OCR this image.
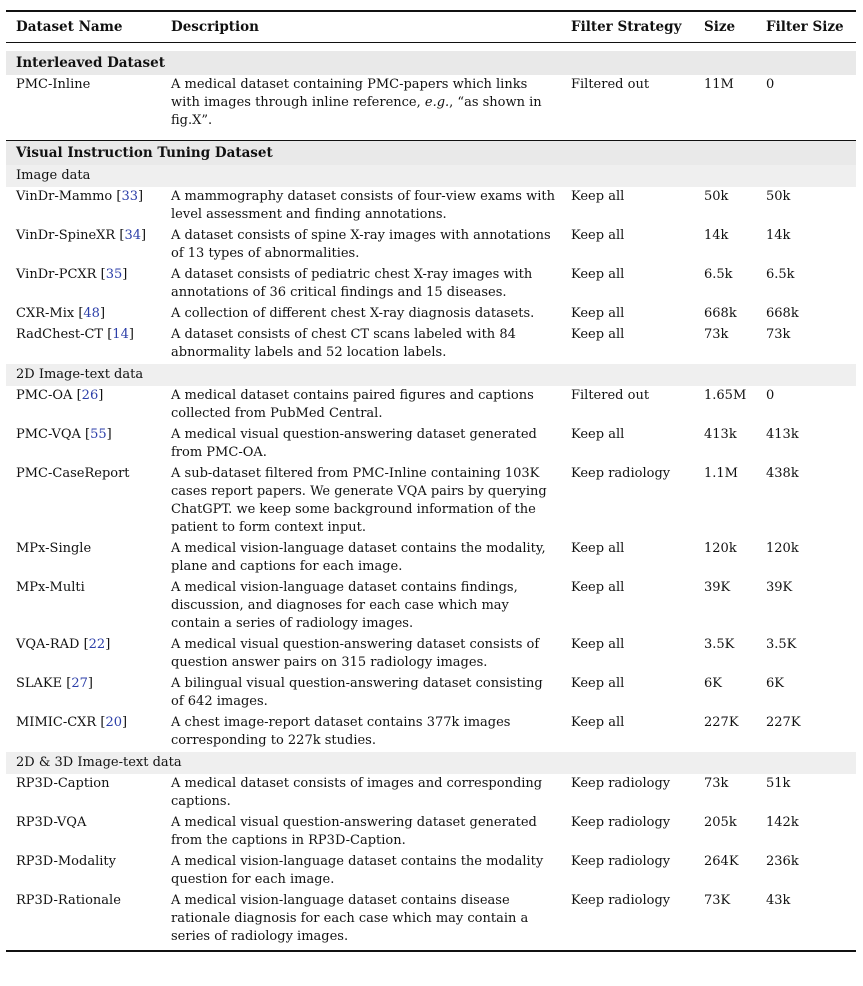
Dataset Name	Description	Filter Strategy	Size	Filter Size

Interleaved Dataset				
PMC-Inline	A medical dataset containing PMC-papers which links with images through inline reference, e.g., “as shown in fig.X”.	Filtered out	11M	0

Visual Instruction Tuning Dataset				
Image data				
VinDr-Mammo [33]	A mammography dataset consists of four-view exams with level assessment and finding annotations.	Keep all	50k	50k
VinDr-SpineXR [34]	A dataset consists of spine X-ray images with annotations of 13 types of abnormalities.	Keep all	14k	14k
VinDr-PCXR [35]	A dataset consists of pediatric chest X-ray images with annotations of 36 critical findings and 15 diseases.	Keep all	6.5k	6.5k
CXR-Mix [48]	A collection of different chest X-ray diagnosis datasets.	Keep all	668k	668k
RadChest-CT [14]	A dataset consists of chest CT scans labeled with 84 abnormality labels and 52 location labels.	Keep all	73k	73k
2D Image-text data				
PMC-OA [26]	A medical dataset contains paired figures and captions collected from PubMed Central.	Filtered out	1.65M	0
PMC-VQA [55]	A medical visual question-answering dataset generated from PMC-OA.	Keep all	413k	413k
PMC-CaseReport	A sub-dataset filtered from PMC-Inline containing 103K cases report papers. We generate VQA pairs by querying ChatGPT. we keep some background information of the patient to form context input.	Keep radiology	1.1M	438k
MPx-Single	A medical vision-language dataset contains the modality, plane and captions for each image.	Keep all	120k	120k
MPx-Multi	A medical vision-language dataset contains findings, discussion, and diagnoses for each case which may contain a series of radiology images.	Keep all	39K	39K
VQA-RAD [22]	A medical visual question-answering dataset consists of question answer pairs on 315 radiology images.	Keep all	3.5K	3.5K
SLAKE [27]	A bilingual visual question-answering dataset consisting of 642 images.	Keep all	6K	6K
MIMIC-CXR [20]	A chest image-report dataset contains 377k images corresponding to 227k studies.	Keep all	227K	227K
2D & 3D Image-text data				
RP3D-Caption	A medical dataset consists of images and corresponding captions.	Keep radiology	73k	51k
RP3D-VQA	A medical visual question-answering dataset generated from the captions in RP3D-Caption.	Keep radiology	205k	142k
RP3D-Modality	A medical vision-language dataset contains the modality question for each image.	Keep radiology	264K	236k
RP3D-Rationale	A medical vision-language dataset contains disease rationale diagnosis for each case which may contain a series of radiology images.	Keep radiology	73K	43k
